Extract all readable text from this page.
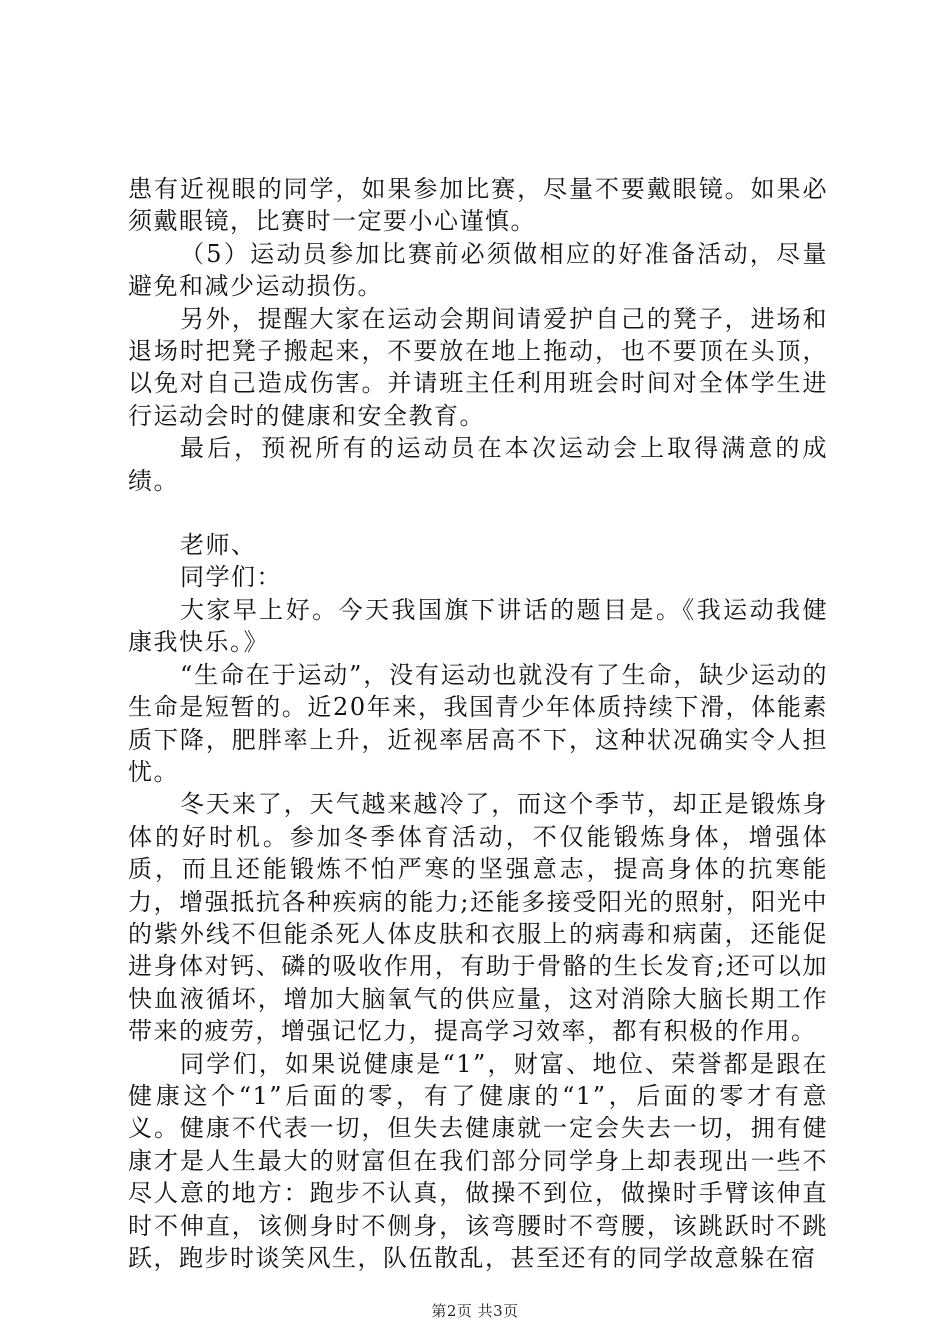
患有近视眼的同学，如果参加比赛，尽量不要戴眼镜。如果必须戴眼镜，比赛时一定要小心谨慎。

（5）运动员参加比赛前必须做相应的好准备活动，尽量避免和减少运动损伤。

另外，提醒大家在运动会期间请爱护自己的凳子，进场和退场时把凳子搬起来，不要放在地上拖动，也不要顶在头顶，以免对自己造成伤害。并请班主任利用班会时间对全体学生进行运动会时的健康和安全教育。

最后，预祝所有的运动员在本次运动会上取得满意的成绩。

老师、

同学们：

大家早上好。今天我国旗下讲话的题目是。《我运动我健康我快乐。》

“生命在于运动”，没有运动也就没有了生命，缺少运动的生命是短暂的。近20年来，我国青少年体质持续下滑，体能素质下降，肥胖率上升，近视率居高不下，这种状况确实令人担忧。

冬天来了，天气越来越冷了，而这个季节，却正是锻炼身体的好时机。参加冬季体育活动，不仅能锻炼身体，增强体质，而且还能锻炼不怕严寒的坚强意志，提高身体的抗寒能力，增强抵抗各种疾病的能力;还能多接受阳光的照射，阳光中的紫外线不但能杀死人体皮肤和衣服上的病毒和病菌，还能促进身体对钙、磷的吸收作用，有助于骨骼的生长发育;还可以加快血液循坏，增加大脑氧气的供应量，这对消除大脑长期工作带来的疲劳，增强记忆力，提高学习效率，都有积极的作用。

同学们，如果说健康是“1”，财富、地位、荣誉都是跟在健康这个“1”后面的零，有了健康的“1”，后面的零才有意义。健康不代表一切，但失去健康就一定会失去一切，拥有健康才是人生最大的财富但在我们部分同学身上却表现出一些不尽人意的地方：跑步不认真，做操不到位，做操时手臂该伸直时不伸直，该侧身时不侧身，该弯腰时不弯腰，该跳跃时不跳跃，跑步时谈笑风生，队伍散乱，甚至还有的同学故意躲在宿

第2页 共3页
